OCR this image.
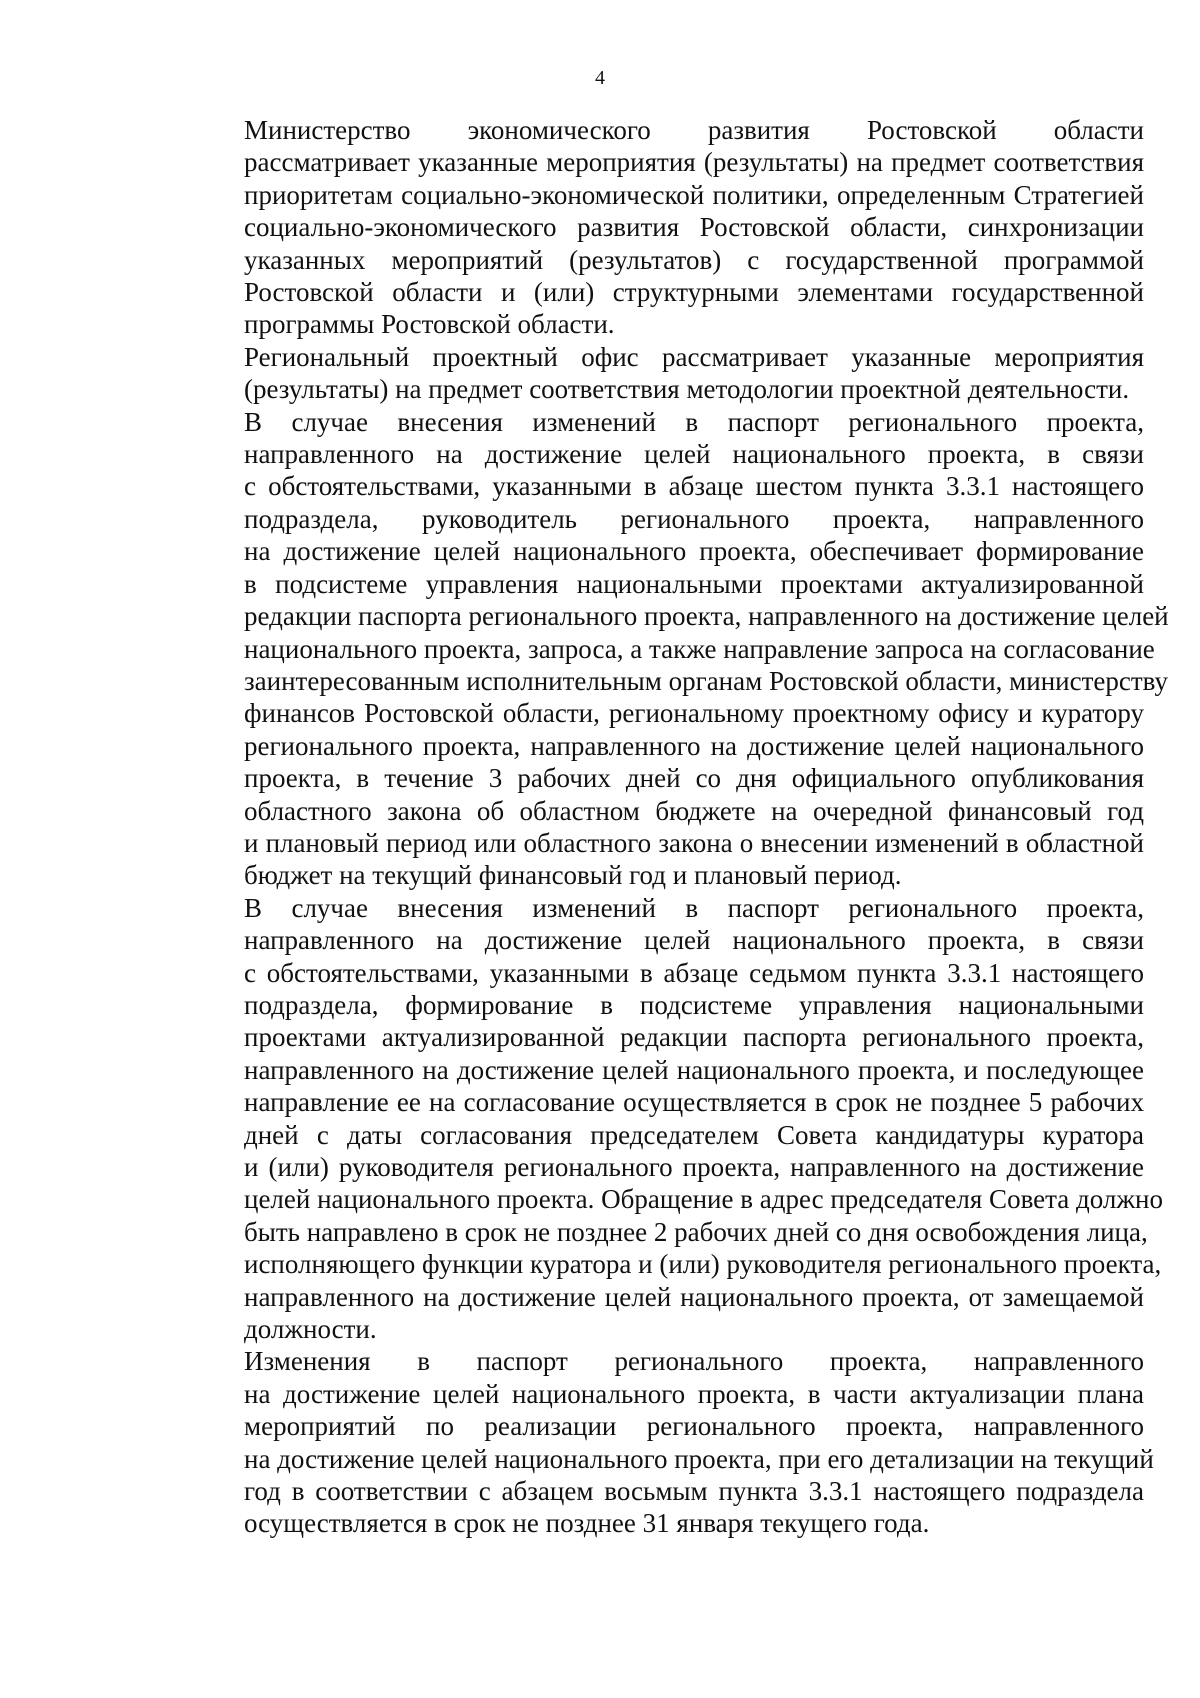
4

Министерство экономического развития Ростовской области
рассматривает указанные мероприятия (результаты) на предмет соответствия
приоритетам социально-экономической политики, определенным Стратегией
социально-экономического развития Ростовской области, синхронизации
указанных мероприятий (результатов) с государственной программой
Ростовской области и (или) структурными элементами государственной
программы Ростовской области.

Региональный проектный офис рассматривает указанные мероприятия
(результаты) на предмет соответствия методологии проектной деятельности.

В случае внесения изменений в паспорт регионального проекта,
направленного на достижение целей национального проекта, в связи
с обстоятельствами, указанными в абзаце шестом пункта 3.3.1 настоящего
подраздела, руководитель регионального проекта, направленного
на достижение целей национального проекта, обеспечивает формирование
в подсистеме управления национальными проектами актуализированной
редакции паспорта регионального проекта, направленного на достижение целей
национального проекта, запроса, а также направление запроса на согласование
заинтересованным исполнительным органам Ростовской области, министерству
финансов Ростовской области, региональному проектному офису и куратору
регионального проекта, направленного на достижение целей национального
проекта, в течение 3 рабочих дней со дня официального опубликования
областного закона об областном бюджете на очередной финансовый год
и плановый период или областного закона о внесении изменений в областной
бюджет на текущий финансовый год и плановый период.

В случае внесения изменений в паспорт регионального проекта,
направленного на достижение целей национального проекта, в связи
с обстоятельствами, указанными в абзаце седьмом пункта 3.3.1 настоящего
подраздела, формирование в подсистеме управления национальными
проектами актуализированной редакции паспорта регионального проекта,
направленного на достижение целей национального проекта, и последующее
направление ее на согласование осуществляется в срок не позднее 5 рабочих
дней с даты согласования председателем Совета кандидатуры куратора
и (или) руководителя регионального проекта, направленного на достижение
целей национального проекта. Обращение в адрес председателя Совета должно
быть направлено в срок не позднее 2 рабочих дней со дня освобождения лица,
исполняющего функции куратора и (или) руководителя регионального проекта,
направленного на достижение целей национального проекта, от замещаемой
должности.

Изменения в паспорт регионального проекта, направленного
на достижение целей национального проекта, в части актуализации плана
мероприятий по реализации регионального проекта, направленного
на достижение целей национального проекта, при его детализации на текущий
год в соответствии с абзацем восьмым пункта 3.3.1 настоящего подраздела
осуществляется в срок не позднее 31 января текущего года.
